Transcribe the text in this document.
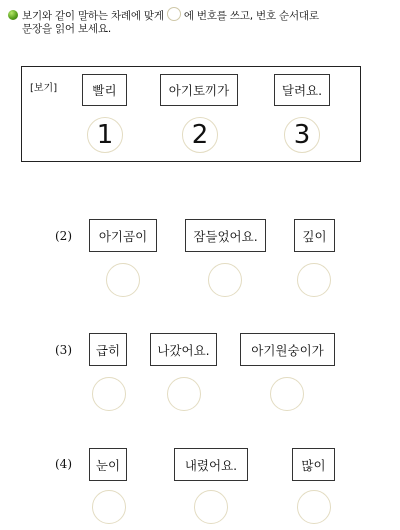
보기와 같이 말하는 차례에 맞게 에 번호를 쓰고, 번호 순서대로
문장을 읽어 보세요.
[보기]	빨리	아기토끼가	달려요.
1	2	3
(2)	아기곰이	잠들었어요.	깊이
(3)	급히	나갔어요.	아기원숭이가
(4)	눈이	내렸어요.	많이
